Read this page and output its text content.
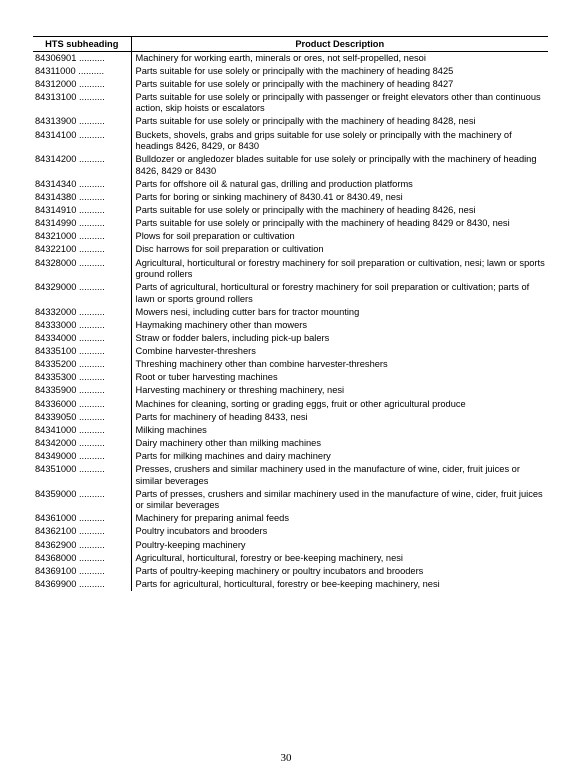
HTS subheading	Product Description
84306901 ..........	Machinery for working earth, minerals or ores, not self-propelled, nesoi
84311000 ..........	Parts suitable for use solely or principally with the machinery of heading 8425
84312000 ..........	Parts suitable for use solely or principally with the machinery of heading 8427
84313100 ..........	Parts suitable for use solely or principally with passenger or freight elevators other than continuous action, skip hoists or escalators
84313900 ..........	Parts suitable for use solely or principally with the machinery of heading 8428, nesi
84314100 ..........	Buckets, shovels, grabs and grips suitable for use solely or principally with the machinery of headings 8426, 8429, or 8430
84314200 ..........	Bulldozer or angledozer blades suitable for use solely or principally with the machinery of heading 8426, 8429 or 8430
84314340 ..........	Parts for offshore oil & natural gas, drilling and production platforms
84314380 ..........	Parts for boring or sinking machinery of 8430.41 or 8430.49, nesi
84314910 ..........	Parts suitable for use solely or principally with the machinery of heading 8426, nesi
84314990 ..........	Parts suitable for use solely or principally with the machinery of heading 8429 or 8430, nesi
84321000 ..........	Plows for soil preparation or cultivation
84322100 ..........	Disc harrows for soil preparation or cultivation
84328000 ..........	Agricultural, horticultural or forestry machinery for soil preparation or cultivation, nesi; lawn or sports ground rollers
84329000 ..........	Parts of agricultural, horticultural or forestry machinery for soil preparation or cultivation; parts of lawn or sports ground rollers
84332000 ..........	Mowers nesi, including cutter bars for tractor mounting
84333000 ..........	Haymaking machinery other than mowers
84334000 ..........	Straw or fodder balers, including pick-up balers
84335100 ..........	Combine harvester-threshers
84335200 ..........	Threshing machinery other than combine harvester-threshers
84335300 ..........	Root or tuber harvesting machines
84335900 ..........	Harvesting machinery or threshing machinery, nesi
84336000 ..........	Machines for cleaning, sorting or grading eggs, fruit or other agricultural produce
84339050 ..........	Parts for machinery of heading 8433, nesi
84341000 ..........	Milking machines
84342000 ..........	Dairy machinery other than milking machines
84349000 ..........	Parts for milking machines and dairy machinery
84351000 ..........	Presses, crushers and similar machinery used in the manufacture of wine, cider, fruit juices or similar beverages
84359000 ..........	Parts of presses, crushers and similar machinery used in the manufacture of wine, cider, fruit juices or similar beverages
84361000 ..........	Machinery for preparing animal feeds
84362100 ..........	Poultry incubators and brooders
84362900 ..........	Poultry-keeping machinery
84368000 ..........	Agricultural, horticultural, forestry or bee-keeping machinery, nesi
84369100 ..........	Parts of poultry-keeping machinery or poultry incubators and brooders
84369900 ..........	Parts for agricultural, horticultural, forestry or bee-keeping machinery, nesi
30
